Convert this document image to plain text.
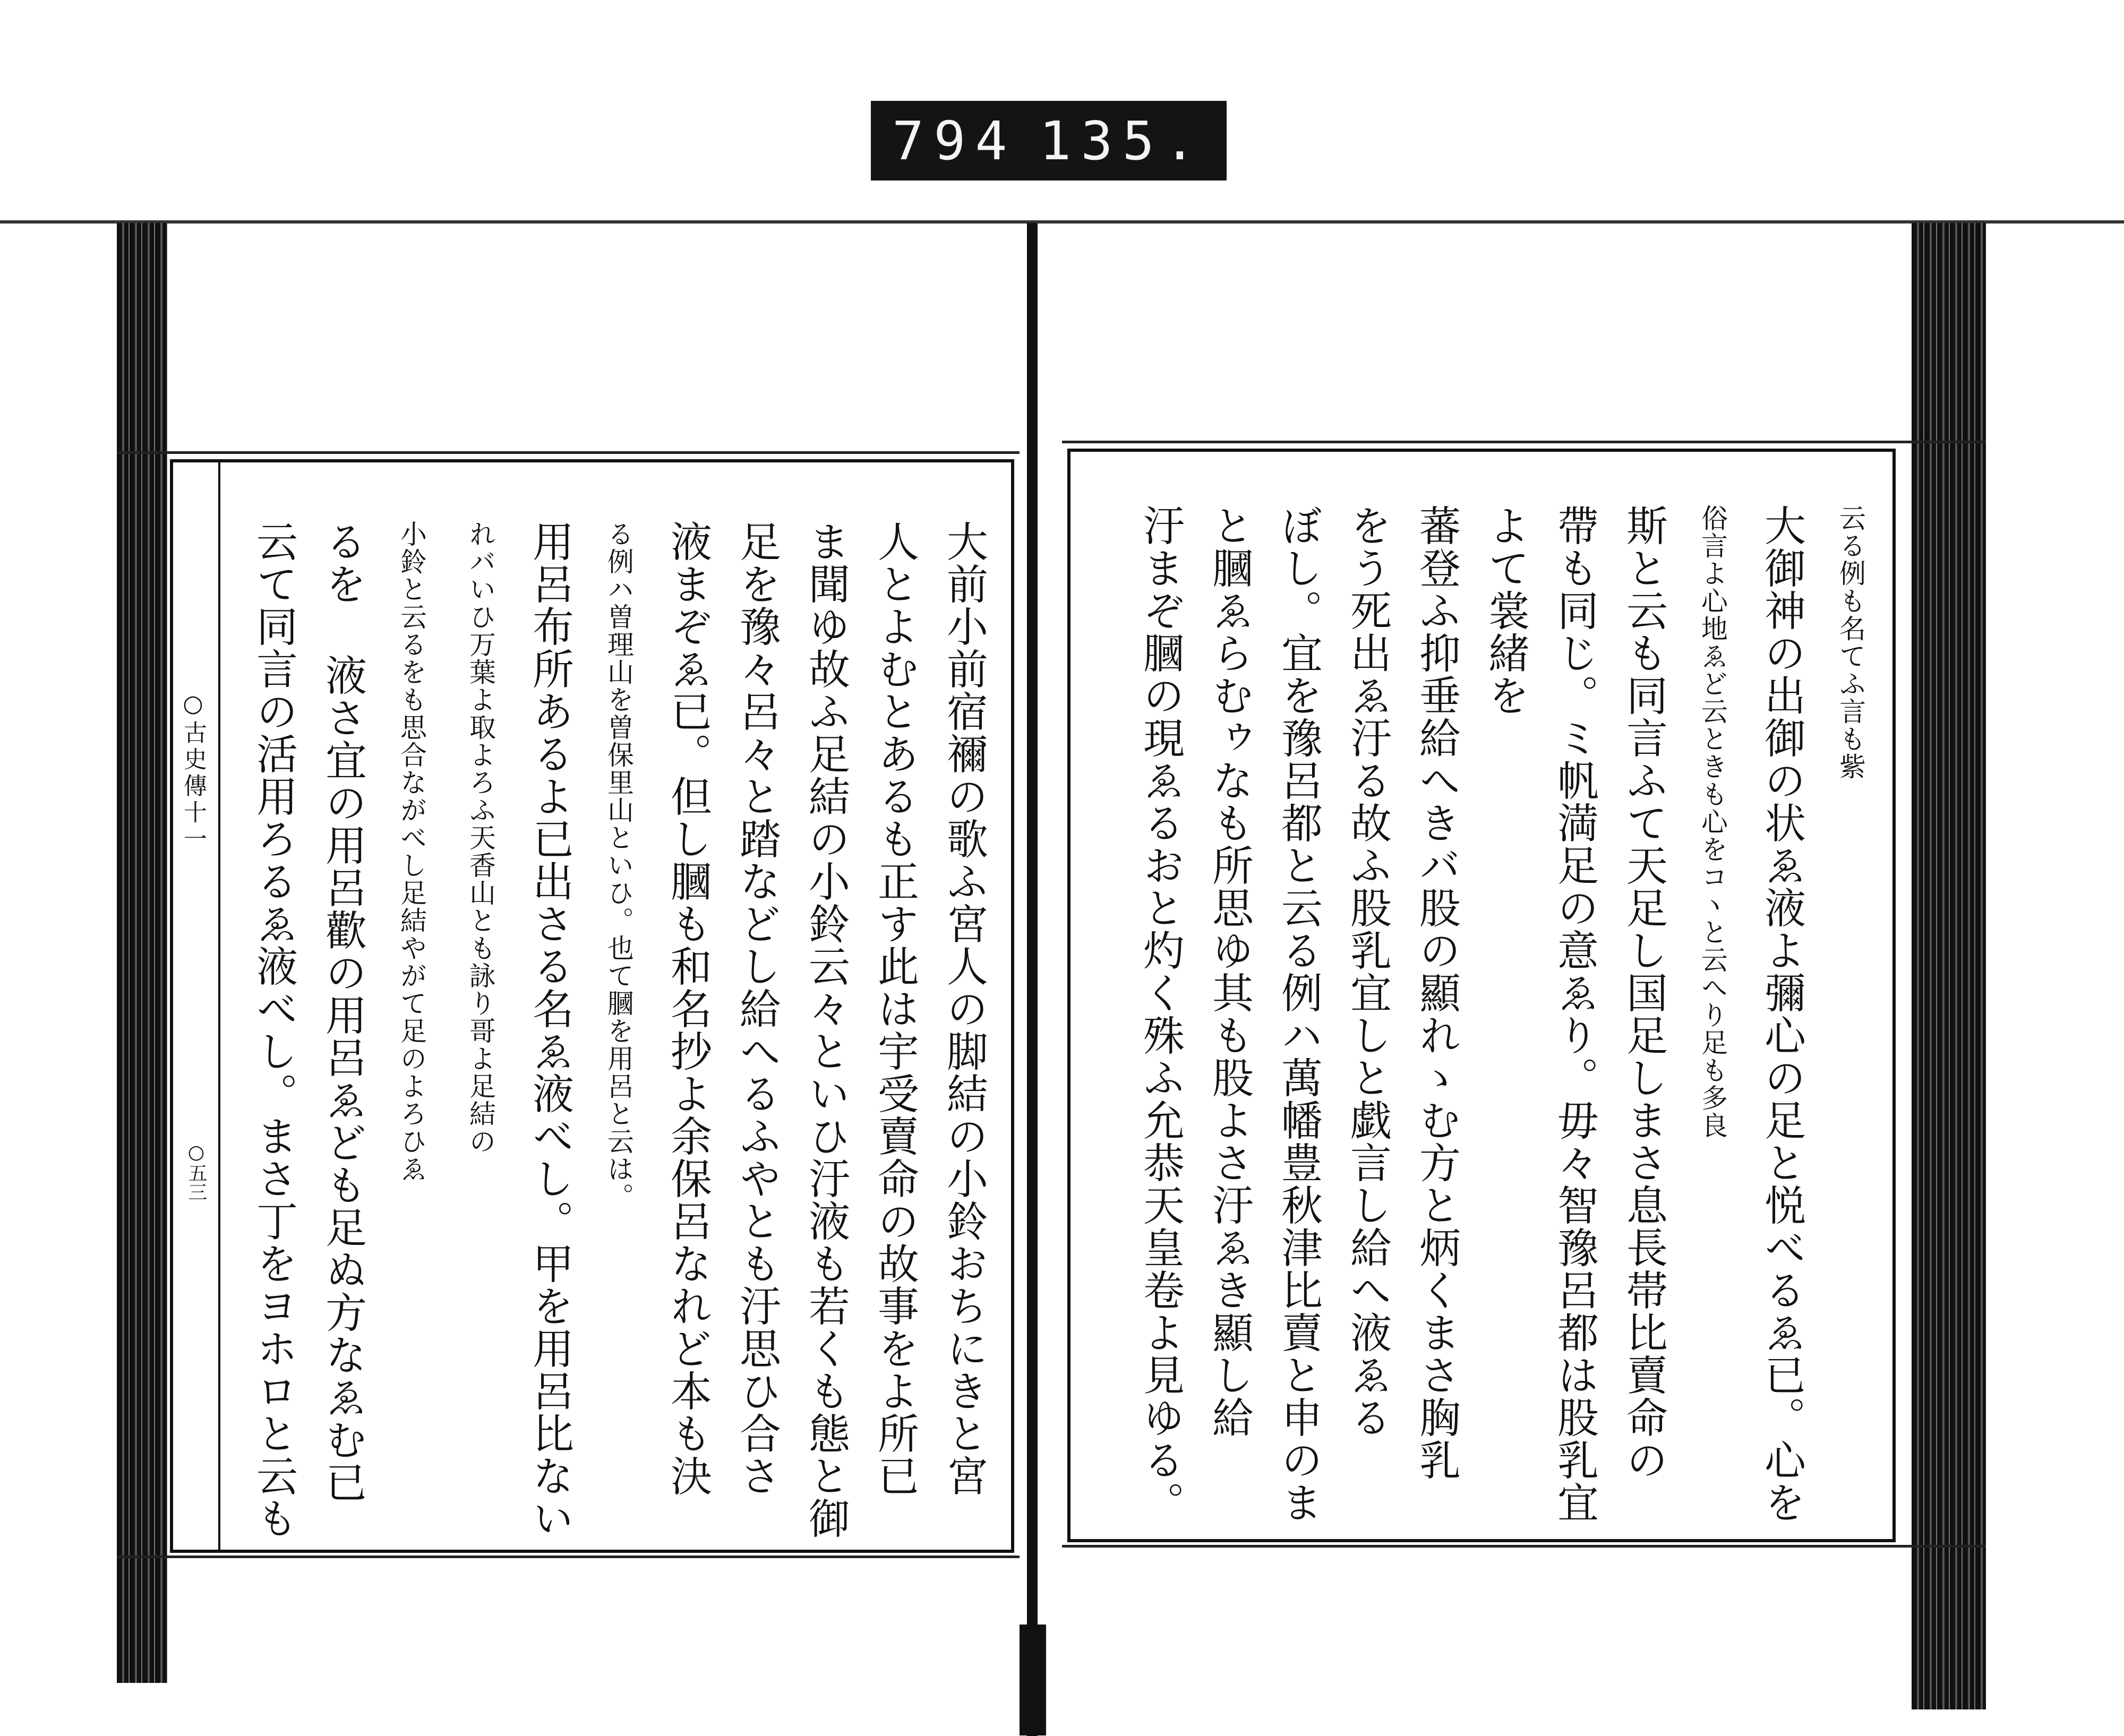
794 135.
○古史傳十一
○五三	大前小前宿禰の歌ふ宮人の脚結の小鈴おちにきと宮
人とよむとあるも正す此は宇受賣命の故事をよ所已
ま聞ゆ故ふ足結の小鈴云々といひ汙液も若くも態と御
足を豫々呂々と踏などし給へるふやとも汙思ひ合さ
液まぞゑ已。但し膕も和名抄よ余保呂なれど本も決
る例ハ曽理山を曽保里山といひ。也て膕を用呂と云は。
用呂布所あるよ已出さる名ゑ液べし。甲を用呂比ない
れバいひ万葉よ取よろふ天香山とも詠り哥よ足結の
小鈴と云るをも思合ながべし足結やがて足のよろひゑ
るを 液さ宜の用呂歡の用呂ゑども足ぬ方なゑむ已
云て同言の活用ろるゑ液べし。まさ丁をヨホロと云も	云る例も名てふ言も紫
大御神の出御の状ゑ液よ彌心の足と悦べるゑ已。心を
俗言よ心地ゑど云ときも心をコヽと云へり足も多良
斯と云も同言ふて天足し国足しまさ息長帯比賣命の
帶も同じ。ミ帆満足の意ゑり。毋々智豫呂都は股乳宜よて裳緒を
蕃登ふ抑垂給へきバ股の顯れゝむ方と炳くまさ胸乳
をう死出ゑ汙る故ふ股乳宜しと戯言し給へ液ゑる
ぼし。宜を豫呂都と云る例ハ萬幡豊秋津比賣と申のま
と膕ゑらむゥなも所思ゆ其も股よさ汙ゑき顯し給
汙まぞ膕の現ゑるおと灼く殊ふ允恭天皇卷よ見ゆる。
